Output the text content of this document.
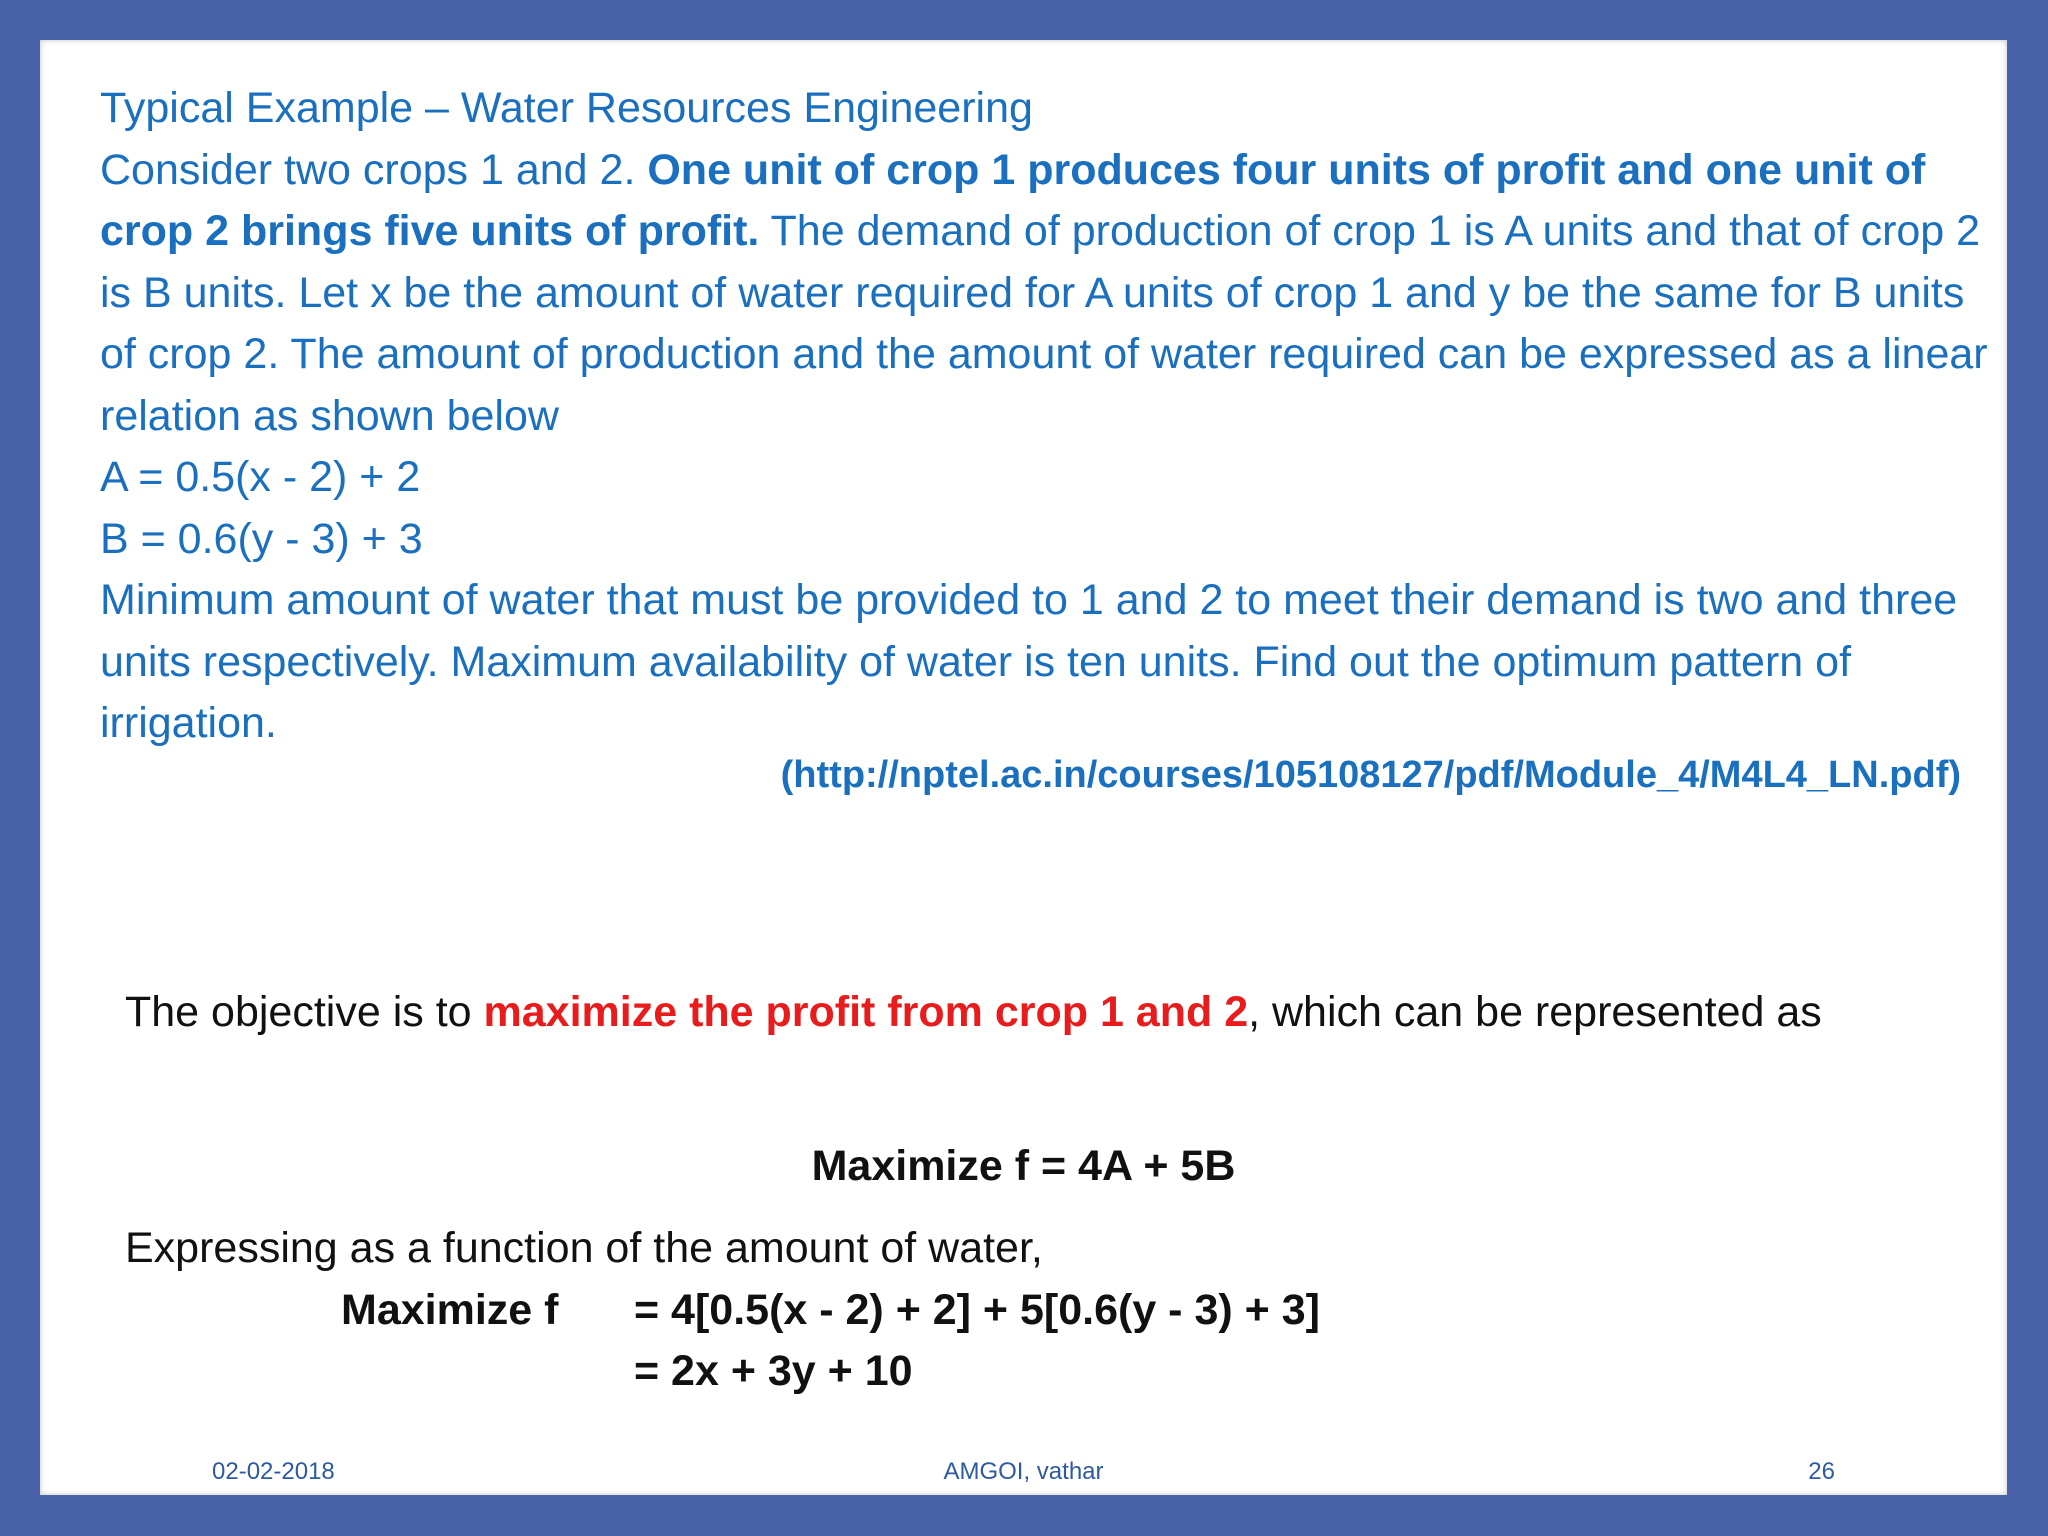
Typical Example – Water Resources Engineering

Consider two crops 1 and 2. One unit of crop 1 produces four units of profit and one unit of crop 2 brings five units of profit. The demand of production of crop 1 is A units and that of crop 2 is B units. Let x be the amount of water required for A units of crop 1 and y be the same for B units of crop 2. The amount of production and the amount of water required can be expressed as a linear relation as shown below

A = 0.5(x - 2) + 2

B = 0.6(y - 3) + 3

Minimum amount of water that must be provided to 1 and 2 to meet their demand is two and three units respectively. Maximum availability of water is ten units. Find out the optimum pattern of irrigation.

(http://nptel.ac.in/courses/105108127/pdf/Module_4/M4L4_LN.pdf)

The objective is to maximize the profit from crop 1 and 2, which can be represented as

Maximize f = 4A + 5B
Expressing as a function of the amount of water,
Maximize f = 4[0.5(x - 2) + 2] + 5[0.6(y - 3) + 3]
= 2x + 3y + 10
02-02-2018	AMGOI, vathar	26
